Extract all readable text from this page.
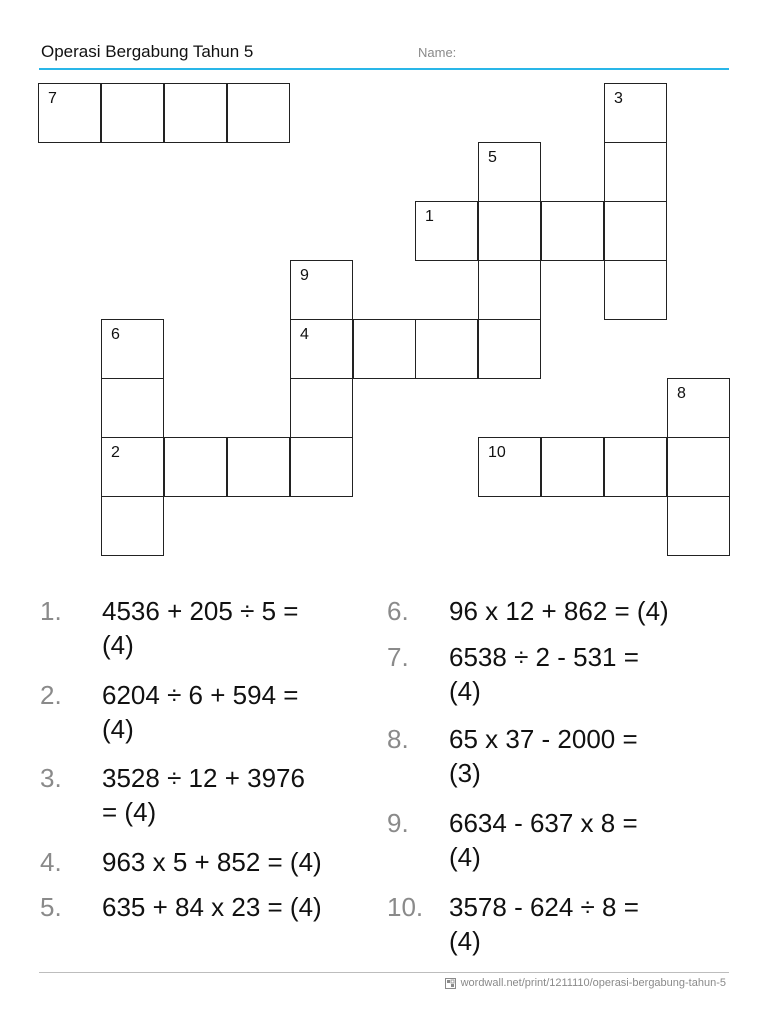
Operasi Bergabung Tahun 5	Name:
7	3
5
1
9
4
6
2
8
10
1.	4536 + 205 ÷ 5 =
(4)
2.	6204 ÷ 6 + 594 =
(4)
3.	3528 ÷ 12 + 3976
= (4)
4.	963 x 5 + 852 = (4)
5.	635 + 84 x 23 = (4)
6.	96 x 12 + 862 = (4)
7.	6538 ÷ 2 - 531 =
(4)
8.	65 x 37 - 2000 =
(3)
9.	6634 - 637 x 8 =
(4)
10. 3578 - 624 ÷ 8 =
(4)
wordwall.net/print/1211110/operasi-bergabung-tahun-5
